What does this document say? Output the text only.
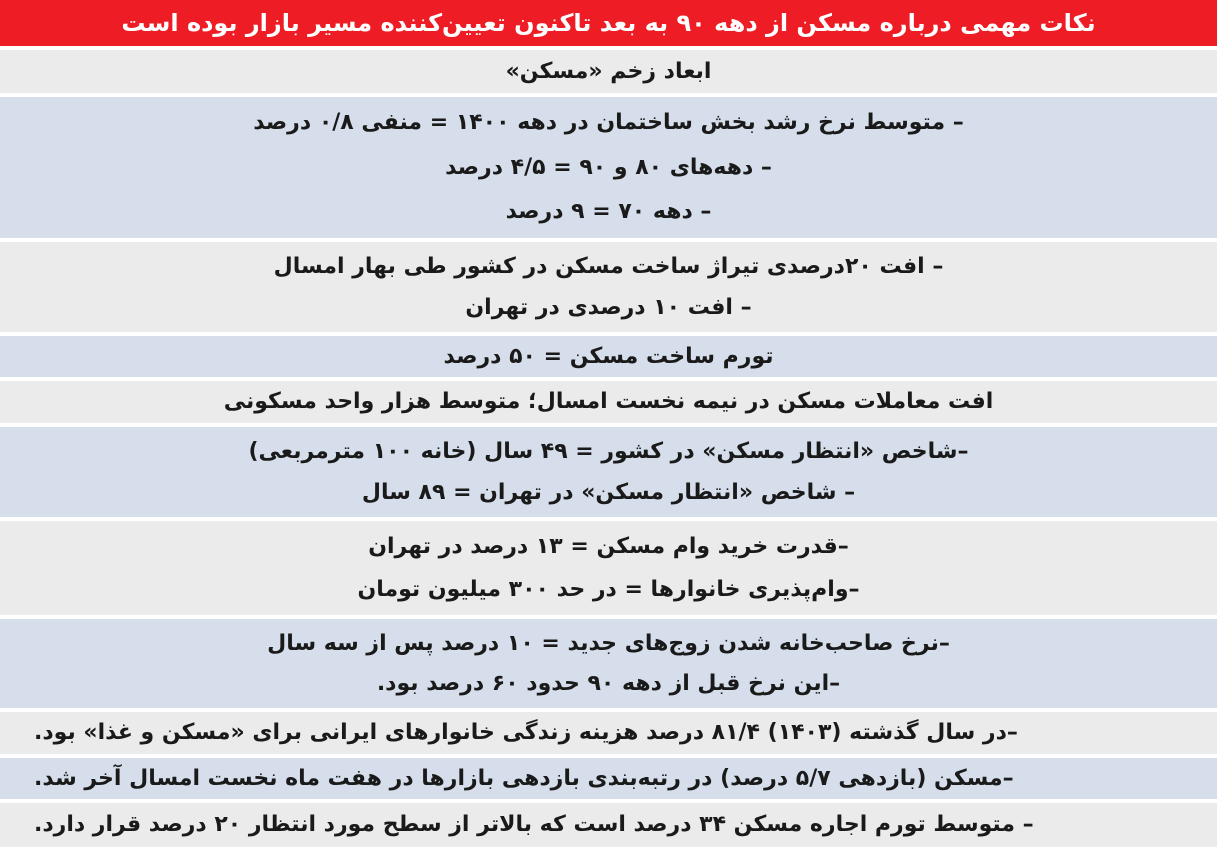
نکات مهمی درباره مسکن از دهه ۹۰ به بعد تاکنون تعیین‌کننده مسیر بازار بوده است
ابعاد زخم «مسکن»
– متوسط نرخ رشد بخش ساختمان در دهه ۱۴۰۰ = منفی ۰/۸ درصد
– دهه‌های ۸۰ و ۹۰ = ۴/۵ درصد
– دهه ۷۰ = ۹ درصد
– افت ۲۰درصدی تیراژ ساخت مسکن در کشور طی بهار امسال
– افت ۱۰ درصدی در تهران
تورم ساخت مسکن = ۵۰ درصد
افت معاملات مسکن در نیمه نخست امسال؛ متوسط هزار واحد مسکونی
–شاخص «انتظار مسکن» در کشور = ۴۹ سال (خانه ۱۰۰ مترمربعی)
– شاخص «انتظار مسکن» در تهران = ۸۹ سال
–قدرت خرید وام مسکن = ۱۳ درصد در تهران
–وام‌پذیری خانوارها = در حد ۳۰۰ میلیون تومان
–نرخ صاحب‌خانه شدن زوج‌های جدید = ۱۰ درصد پس از سه سال
–این نرخ قبل از دهه ۹۰ حدود ۶۰ درصد بود.
–در سال گذشته (۱۴۰۳) ۸۱/۴ درصد هزینه زندگی خانوارهای ایرانی برای «مسکن و غذا» بود.
–مسکن (بازدهی ۵/۷ درصد) در رتبه‌بندی بازدهی بازارها در هفت ماه نخست امسال آخر شد.
– متوسط تورم اجاره مسکن ۳۴ درصد است که بالاتر از سطح مورد انتظار ۲۰ درصد قرار دارد.
